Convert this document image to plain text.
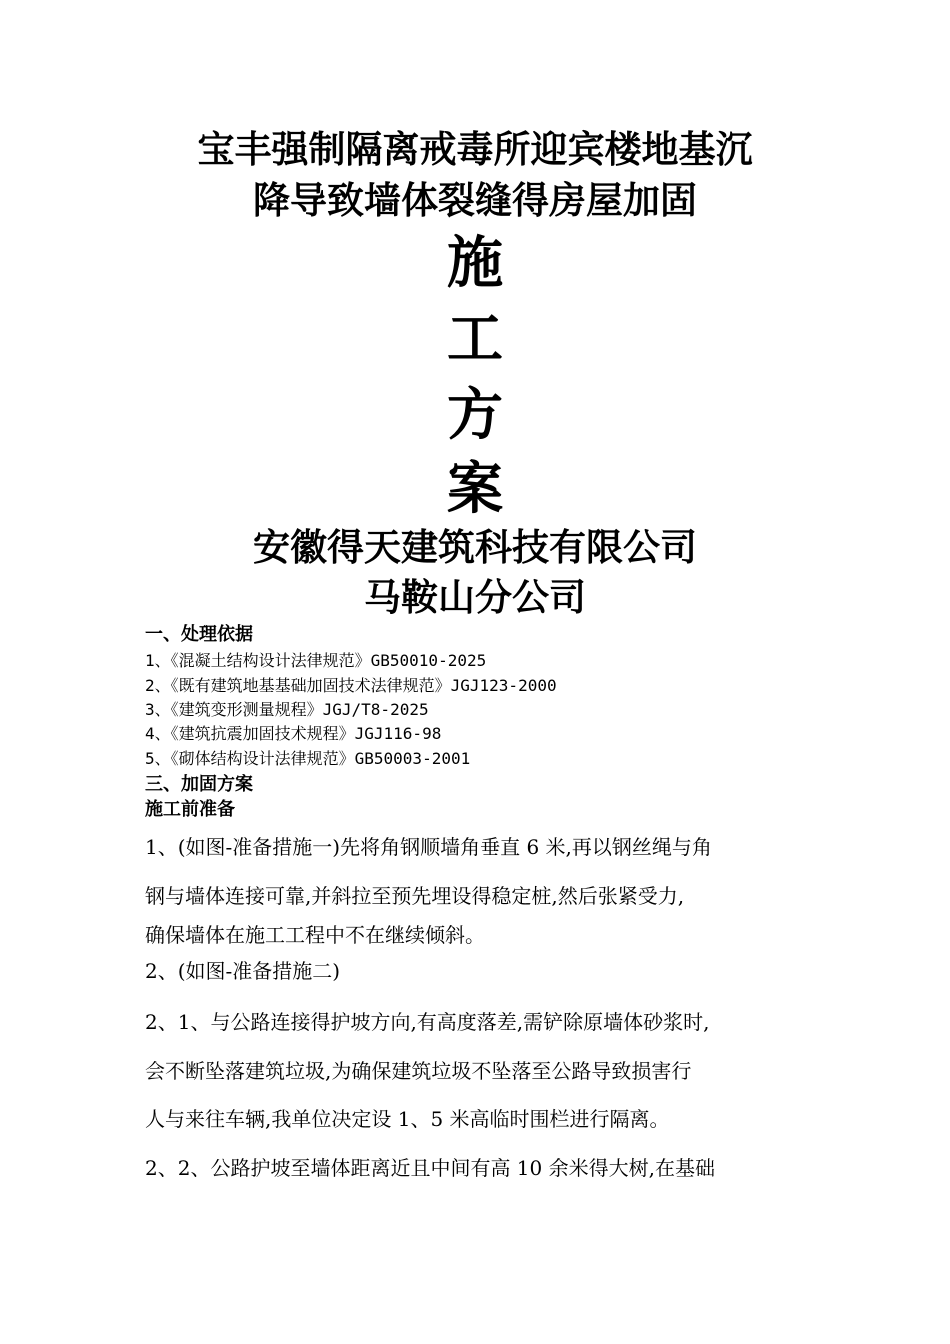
宝丰强制隔离戒毒所迎宾楼地基沉
降导致墙体裂缝得房屋加固
施
工
方
案
安徽得天建筑科技有限公司
马鞍山分公司
一、处理依据
1、《混凝土结构设计法律规范》GB50010-2025
2、《既有建筑地基基础加固技术法律规范》JGJ123-2000
3、《建筑变形测量规程》JGJ/T8-2025
4、《建筑抗震加固技术规程》JGJ116-98
5、《砌体结构设计法律规范》GB50003-2001
三、加固方案
施工前准备
1、(如图-准备措施一)先将角钢顺墙角垂直 6 米,再以钢丝绳与角
钢与墙体连接可靠,并斜拉至预先埋设得稳定桩,然后张紧受力,
确保墙体在施工工程中不在继续倾斜。
2、(如图-准备措施二)
2、1、与公路连接得护坡方向,有高度落差,需铲除原墙体砂浆时,
会不断坠落建筑垃圾,为确保建筑垃圾不坠落至公路导致损害行
人与来往车辆,我单位决定设 1、5 米高临时围栏进行隔离。
2、2、公路护坡至墙体距离近且中间有高 10 余米得大树,在基础
